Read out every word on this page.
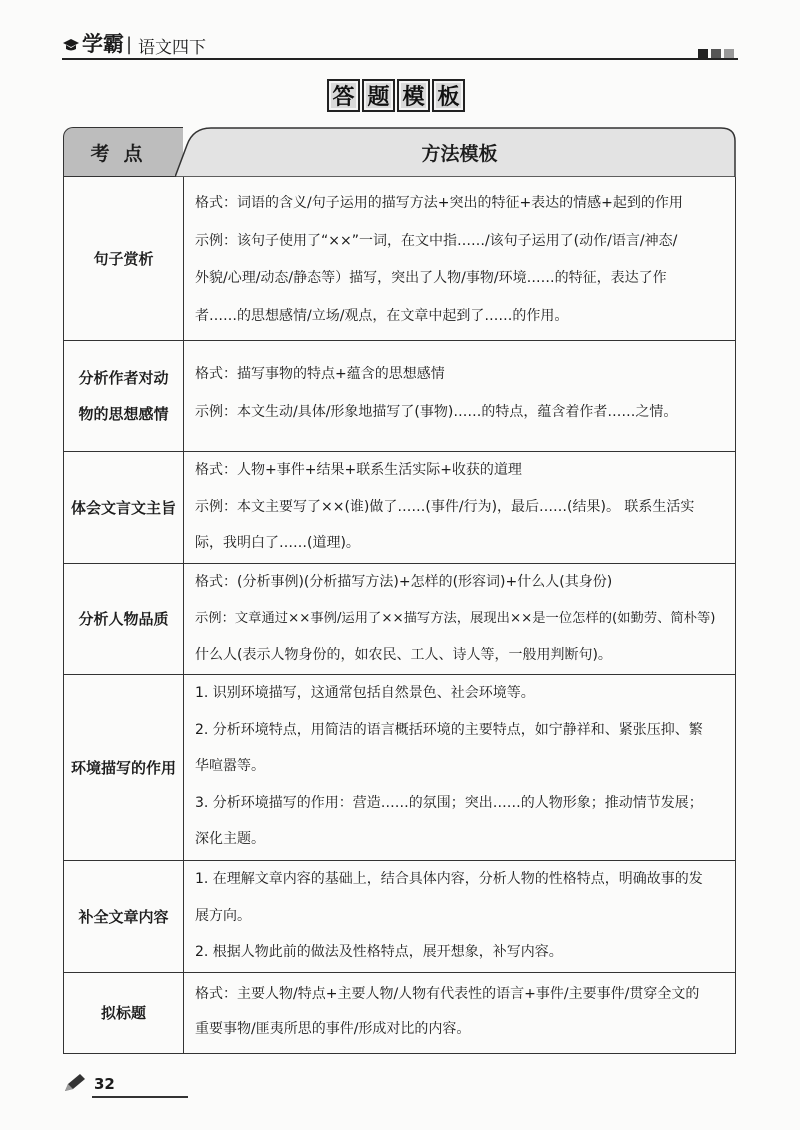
学霸 | 语文四下
答 题 模 板
考点	方法模板
句子赏析
格式：词语的含义/句子运用的描写方法+突出的特征+表达的情感+起到的作用
示例：该句子使用了“××”一词，在文中指……/该句子运用了(动作/语言/神态/
外貌/心理/动态/静态等）描写，突出了人物/事物/环境……的特征，表达了作
者……的思想感情/立场/观点，在文章中起到了……的作用。
分析作者对动物的思想感情
格式：描写事物的特点+蕴含的思想感情
示例：本文生动/具体/形象地描写了(事物)……的特点，蕴含着作者……之情。
体会文言文主旨
格式：人物+事件+结果+联系生活实际+收获的道理
示例：本文主要写了××(谁)做了……(事件/行为)，最后……(结果)。 联系生活实
际，我明白了……(道理)。
分析人物品质
格式：(分析事例)(分析描写方法)+怎样的(形容词)+什么人(其身份)
示例：文章通过××事例/运用了××描写方法，展现出××是一位怎样的(如勤劳、简朴等)
什么人(表示人物身份的，如农民、工人、诗人等，一般用判断句)。
环境描写的作用
1. 识别环境描写，这通常包括自然景色、社会环境等。
2. 分析环境特点，用简洁的语言概括环境的主要特点，如宁静祥和、紧张压抑、繁
华喧嚣等。
3. 分析环境描写的作用：营造……的氛围；突出……的人物形象；推动情节发展；
深化主题。
补全文章内容
1. 在理解文章内容的基础上，结合具体内容，分析人物的性格特点，明确故事的发
展方向。
2. 根据人物此前的做法及性格特点，展开想象，补写内容。
拟标题
格式：主要人物/特点+主要人物/人物有代表性的语言+事件/主要事件/贯穿全文的
重要事物/匪夷所思的事件/形成对比的内容。
32
